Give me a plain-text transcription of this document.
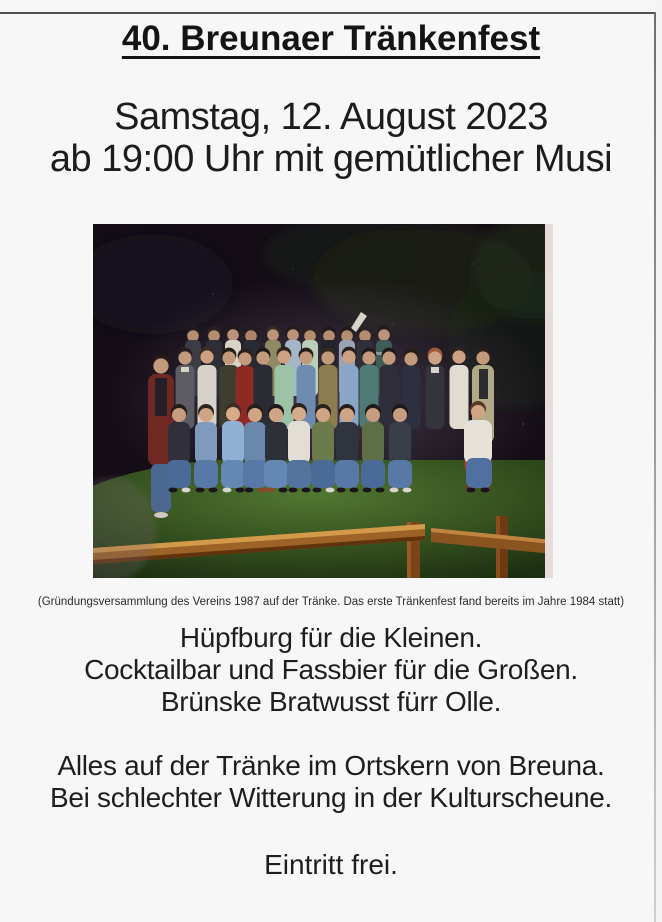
40. Breunaer Tränkenfest
Samstag, 12. August 2023
ab 19:00 Uhr mit gemütlicher Musi
(Gründungsversammlung des Vereins 1987 auf der Tränke. Das erste Tränkenfest fand bereits im Jahre 1984 statt)
Hüpfburg für die Kleinen.
Cocktailbar und Fassbier für die Großen.
Brünske Bratwusst fürr Olle.
Alles auf der Tränke im Ortskern von Breuna.
Bei schlechter Witterung in der Kulturscheune.
Eintritt frei.
